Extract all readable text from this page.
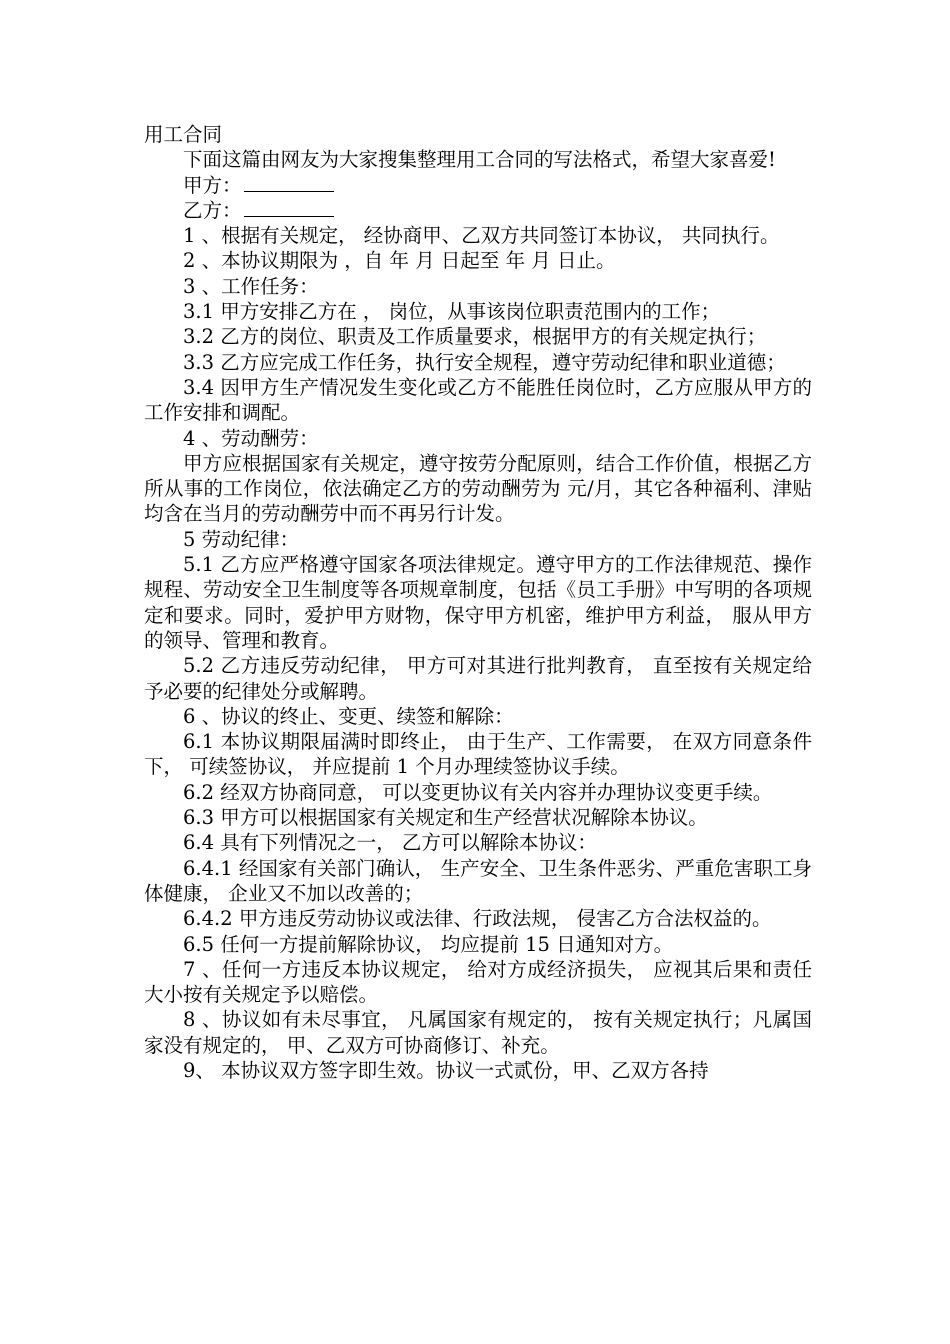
用工合同

下面这篇由网友为大家搜集整理用工合同的写法格式，希望大家喜爱!

甲方：

乙方：

1 、根据有关规定， 经协商甲、乙双方共同签订本协议， 共同执行。

2 、本协议期限为 ，自 年 月 日起至 年 月 日止。

3 、工作任务：

3.1 甲方安排乙方在 ， 岗位，从事该岗位职责范围内的工作；

3.2 乙方的岗位、职责及工作质量要求，根据甲方的有关规定执行；

3.3 乙方应完成工作任务，执行安全规程，遵守劳动纪律和职业道德；

3.4 因甲方生产情况发生变化或乙方不能胜任岗位时，乙方应服从甲方的工作安排和调配。

4 、劳动酬劳：

甲方应根据国家有关规定，遵守按劳分配原则，结合工作价值，根据乙方所从事的工作岗位，依法确定乙方的劳动酬劳为 元/月，其它各种福利、津贴均含在当月的劳动酬劳中而不再另行计发。

5 劳动纪律：

5.1 乙方应严格遵守国家各项法律规定。遵守甲方的工作法律规范、操作规程、劳动安全卫生制度等各项规章制度，包括《员工手册》中写明的各项规定和要求。同时，爱护甲方财物，保守甲方机密，维护甲方利益， 服从甲方的领导、管理和教育。

5.2 乙方违反劳动纪律， 甲方可对其进行批判教育， 直至按有关规定给予必要的纪律处分或解聘。

6 、协议的终止、变更、续签和解除：

6.1 本协议期限届满时即终止， 由于生产、工作需要， 在双方同意条件下， 可续签协议， 并应提前 1 个月办理续签协议手续。

6.2 经双方协商同意， 可以变更协议有关内容并办理协议变更手续。

6.3 甲方可以根据国家有关规定和生产经营状况解除本协议。

6.4 具有下列情况之一， 乙方可以解除本协议：

6.4.1 经国家有关部门确认， 生产安全、卫生条件恶劣、严重危害职工身体健康， 企业又不加以改善的；

6.4.2 甲方违反劳动协议或法律、行政法规， 侵害乙方合法权益的。

6.5 任何一方提前解除协议， 均应提前 15 日通知对方。

7 、任何一方违反本协议规定， 给对方成经济损失， 应视其后果和责任大小按有关规定予以赔偿。

8 、协议如有未尽事宜， 凡属国家有规定的， 按有关规定执行；凡属国家没有规定的， 甲、乙双方可协商修订、补充。

9、 本协议双方签字即生效。协议一式贰份，甲、乙双方各持
